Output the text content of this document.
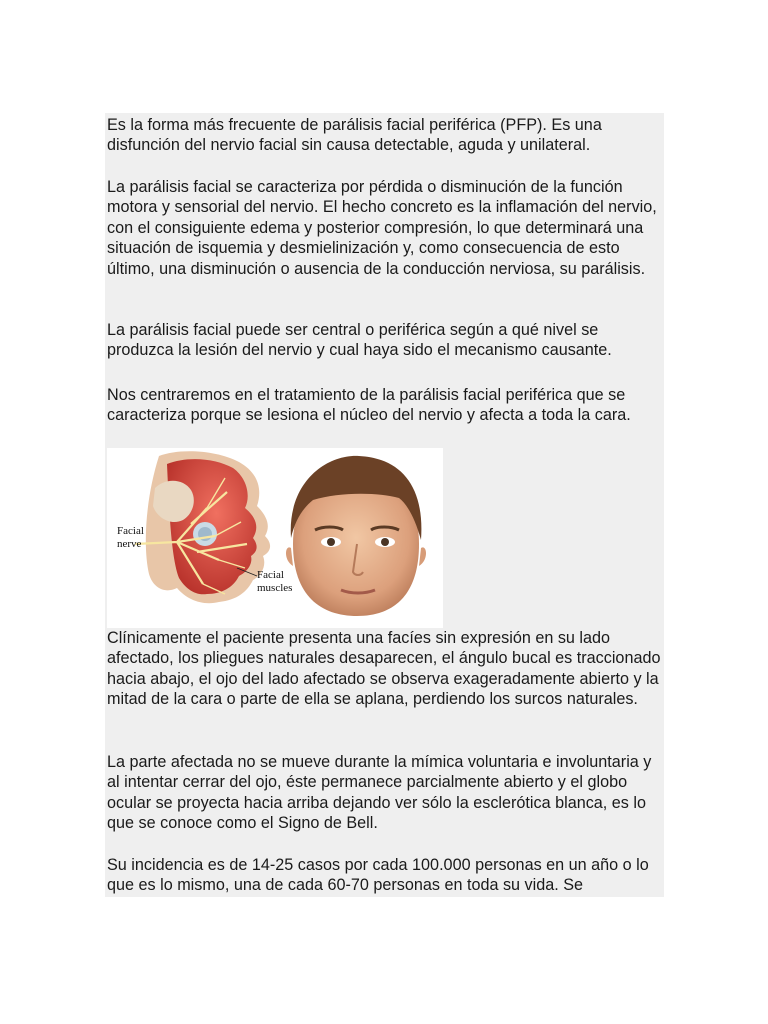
Es la forma más frecuente de parálisis facial periférica (PFP). Es una disfunción del nervio facial sin causa detectable, aguda y unilateral.

La parálisis facial se caracteriza por pérdida o disminución de la función motora y sensorial del nervio. El hecho concreto es la inflamación del nervio, con el consiguiente edema y posterior compresión, lo que determinará una situación de isquemia y desmielinización y, como consecuencia de esto último, una disminución o ausencia de la conducción nerviosa, su parálisis.

La parálisis facial puede ser central o periférica según a qué nivel se produzca la lesión del nervio y cual haya sido el mecanismo causante.

Nos centraremos en el tratamiento de la parálisis facial periférica que se caracteriza porque se lesiona el núcleo del nervio y afecta a toda la cara.

Facial
nerve
Facial
muscles

Clínicamente el paciente presenta una facíes sin expresión en su lado afectado, los pliegues naturales desaparecen, el ángulo bucal es traccionado hacia abajo, el ojo del lado afectado se observa exageradamente abierto y la mitad de la cara o parte de ella se aplana, perdiendo los surcos naturales.

La parte afectada no se mueve durante la mímica voluntaria e involuntaria y al intentar cerrar del ojo, éste permanece parcialmente abierto y el globo ocular se proyecta hacia arriba dejando ver sólo la esclerótica blanca, es lo que se conoce como el Signo de Bell.

Su incidencia es de 14-25 casos por cada 100.000 personas en un año o lo que es lo mismo, una de cada 60-70 personas en toda su vida. Se
